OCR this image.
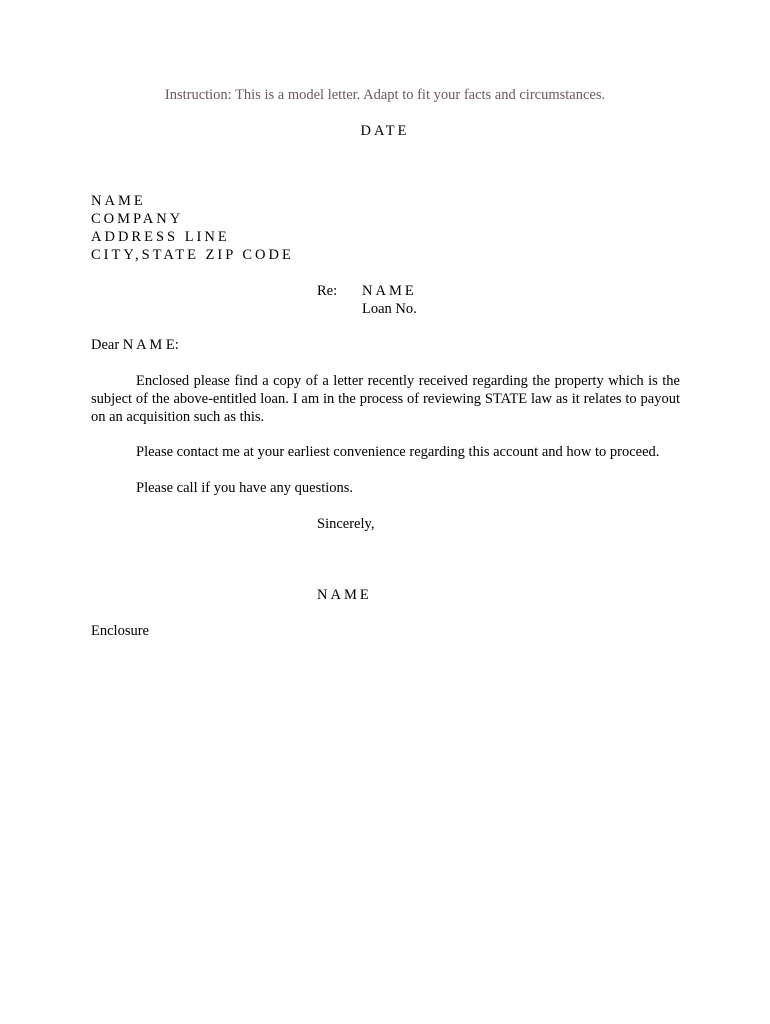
Instruction: This is a model letter. Adapt to fit your facts and circumstances.
DATE
NAME
COMPANY
ADDRESS LINE
CITY,STATE ZIP CODE
Re: NAME
Loan No.
Dear N A M E:
Enclosed please find a copy of a letter recently received regarding the property which is the subject of the above-entitled loan. I am in the process of reviewing STATE law as it relates to payout on an acquisition such as this.
Please contact me at your earliest convenience regarding this account and how to proceed.
Please call if you have any questions.
Sincerely,
NAME
Enclosure
